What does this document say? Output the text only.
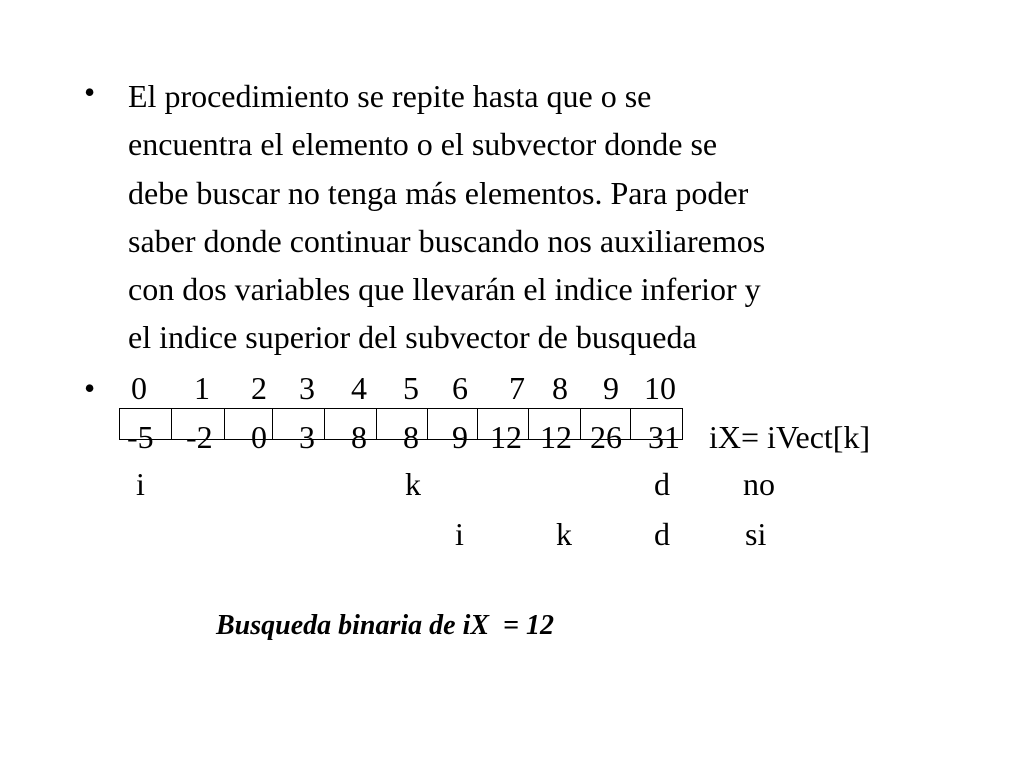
• El procedimiento se repite hasta que o se
encuentra el elemento o el subvector donde se
debe buscar no tenga más elementos. Para poder
saber donde continuar buscando nos auxiliaremos
con dos variables que llevarán el indice inferior y
el indice superior del subvector de busqueda
• 0 1 2 3 4 5 6 7 8 9 10
-5 -2 0 3 8 8 9 12 12 26 31 iX= iVect[k]
i	k	d no
i	k	d si
Busqueda binaria de iX  = 12
